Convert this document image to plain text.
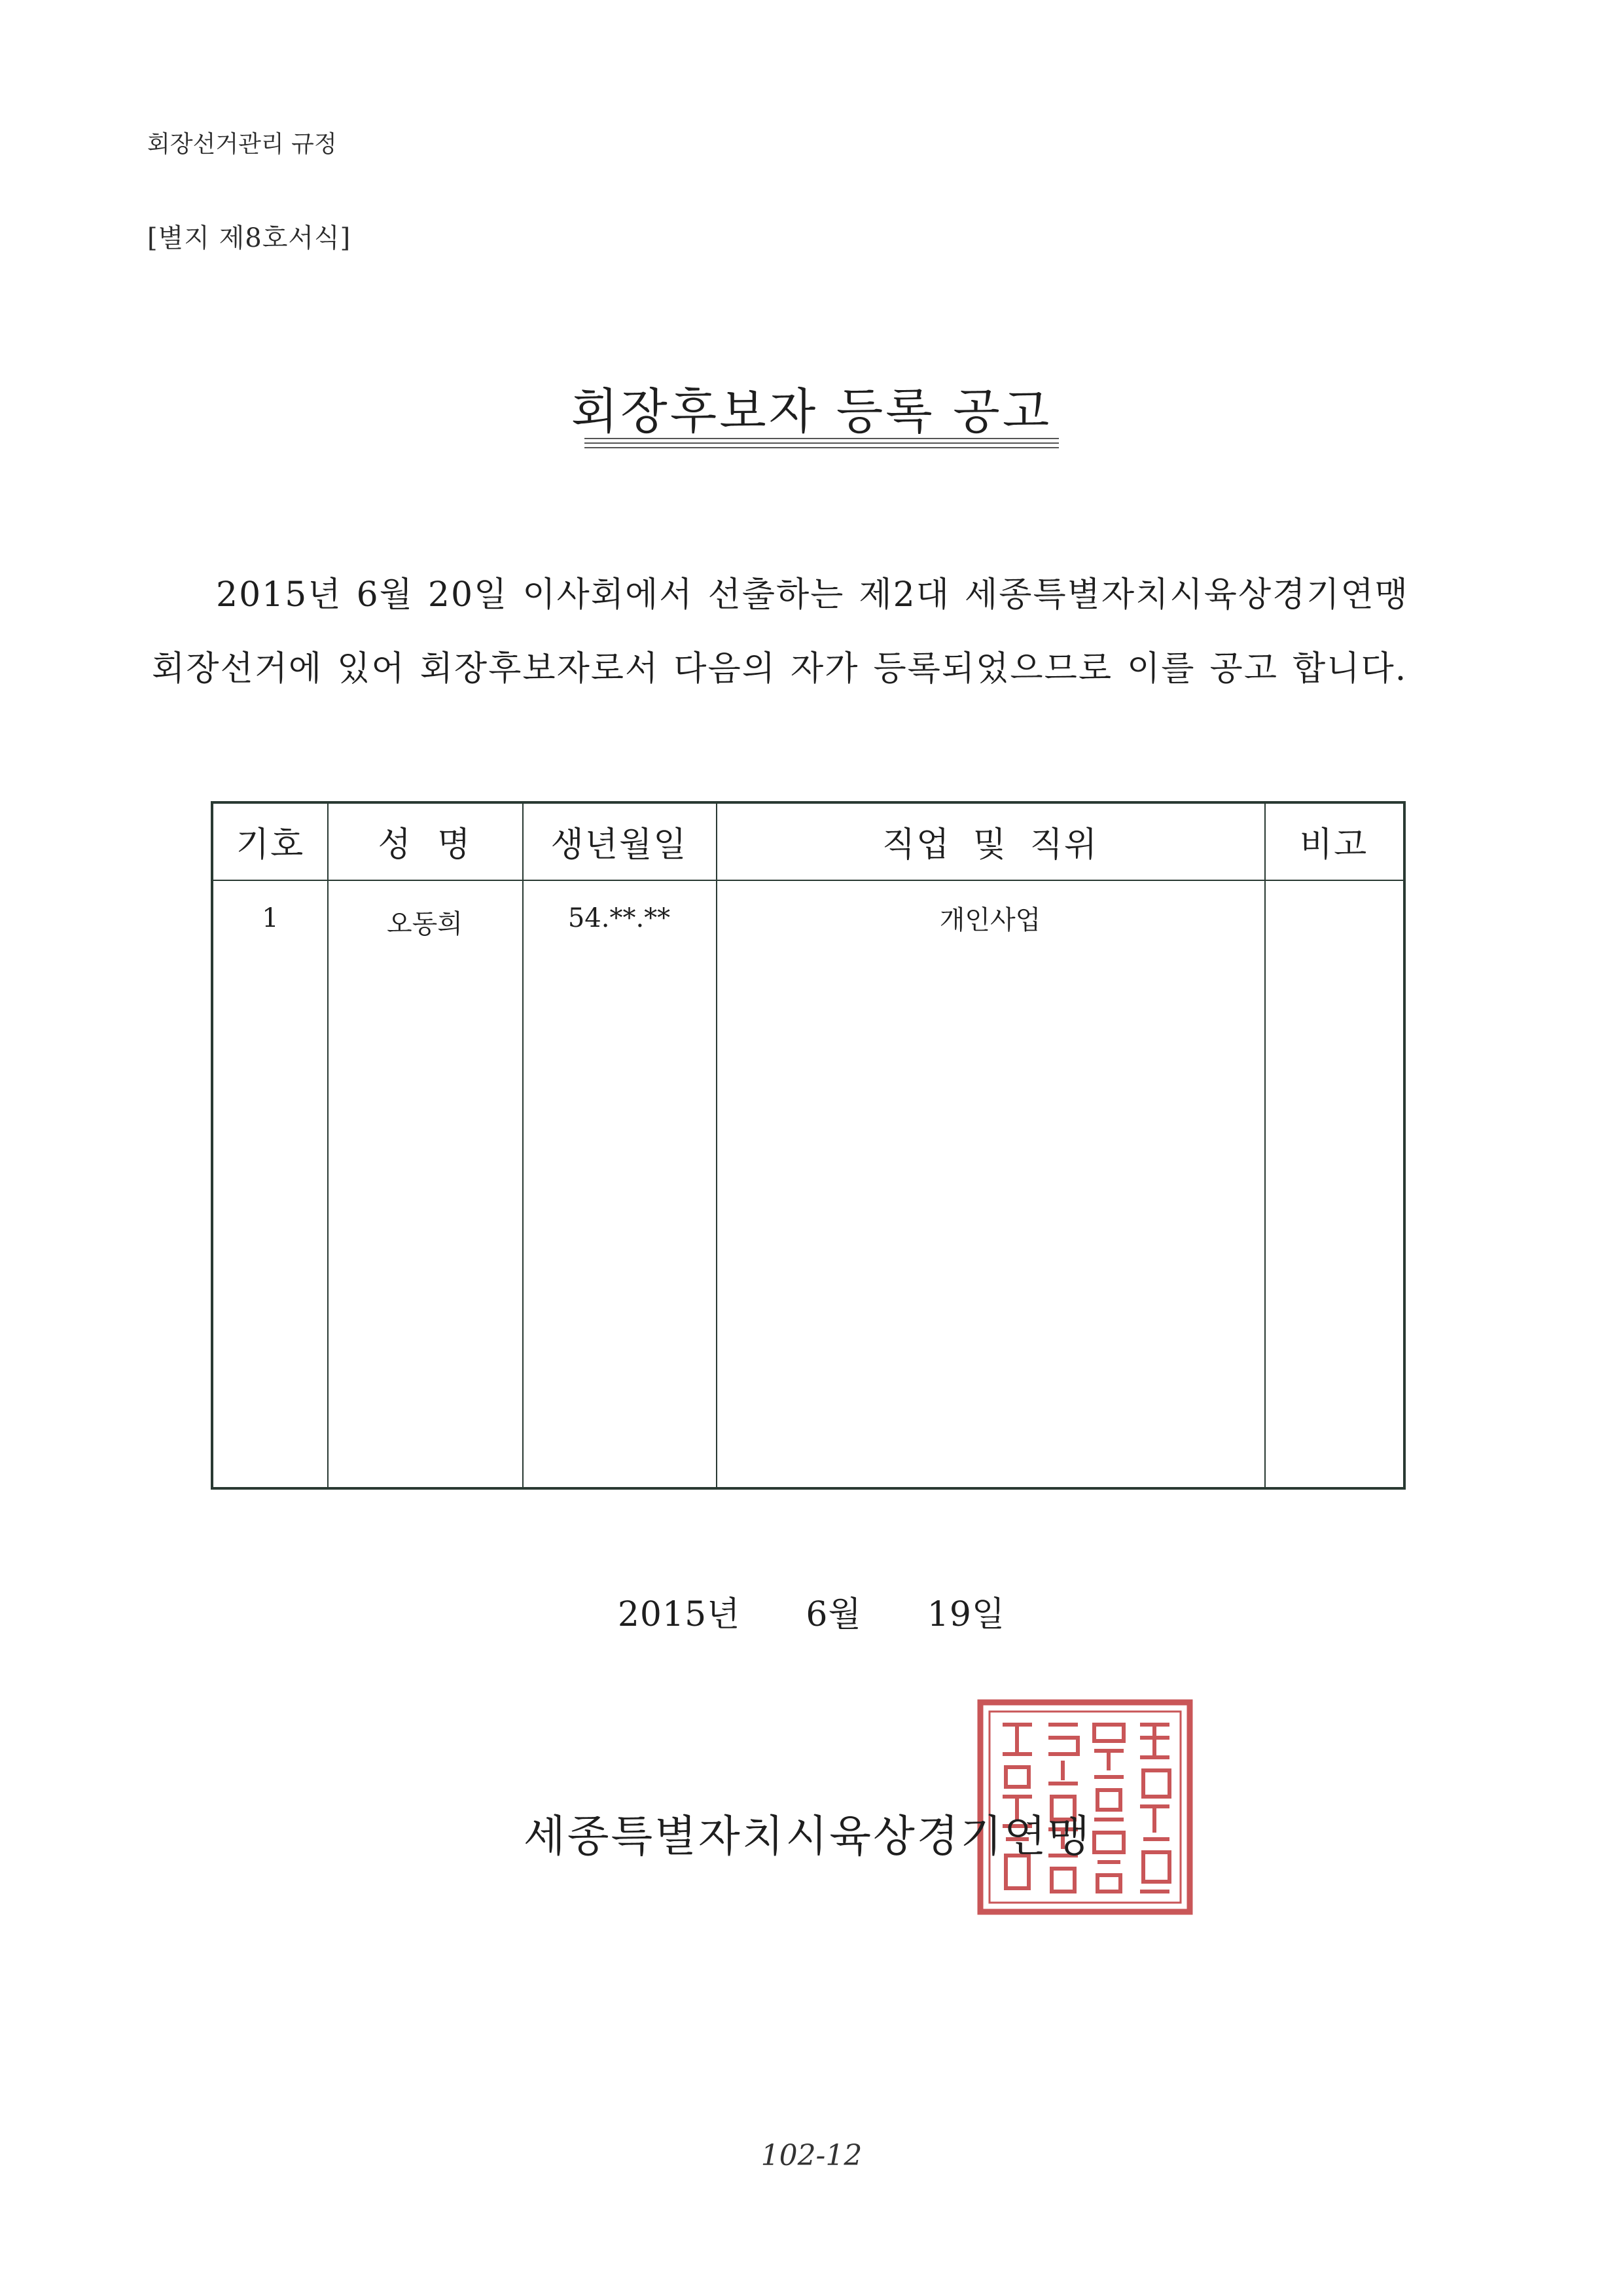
회장선거관리 규정
[별지 제8호서식]
회장후보자 등록 공고
2015년 6월 20일 이사회에서 선출하는 제2대 세종특별자치시육상경기연맹
회장선거에 있어 회장후보자로서 다음의 자가 등록되었으므로 이를 공고 합니다.
기호	성 명	생년월일	직업 및 직위	비고
1	오동희	54.**.**	개인사업
2015년 6월 19일
세종특별자치시육상경기연맹
102-12
